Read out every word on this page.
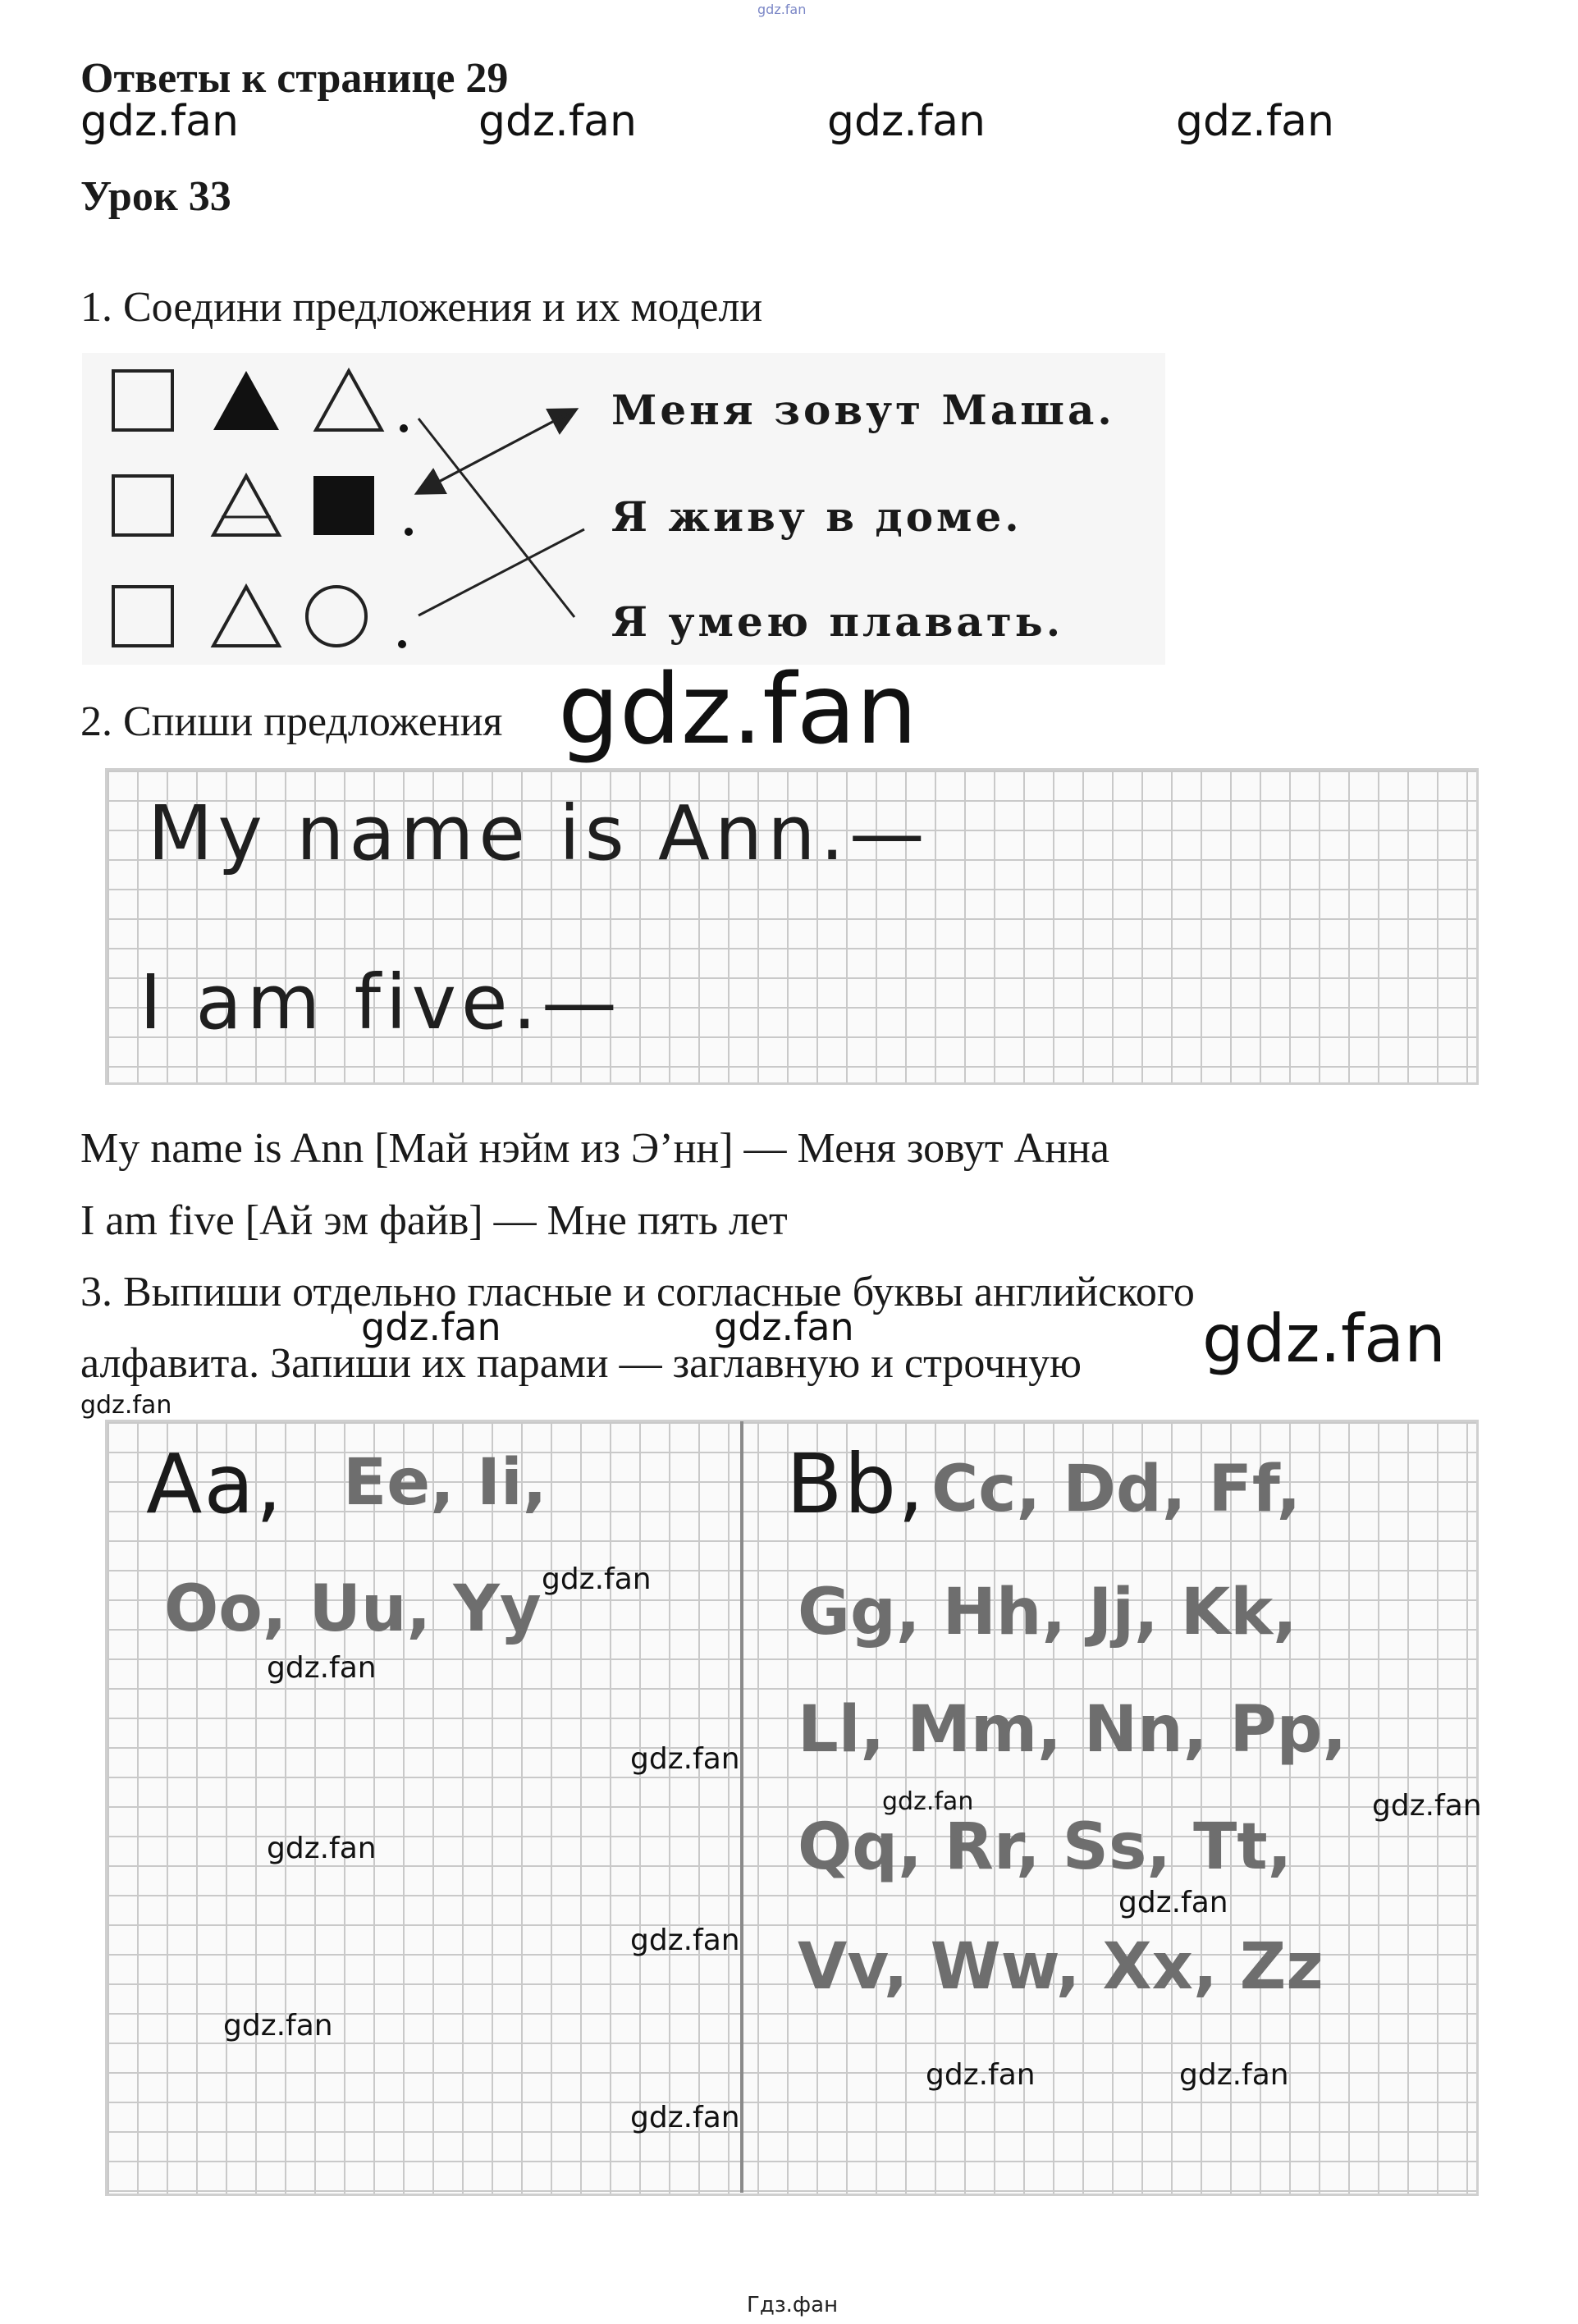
gdz.fan
Ответы к странице 29
gdz.fan	gdz.fan	gdz.fan	gdz.fan
Урок 33
1. Соедини предложения и их модели
Меня зовут Маша.
Я живу в доме.
Я умею плавать.
2. Спиши предложения gdz.fan
My name is Ann.—
I am five.—
My name is Ann [Май нэйм из Э’нн] — Меня зовут Анна
I am five [Ай эм файв] — Мне пять лет
3. Выпиши отдельно гласные и согласные буквы английского
алфавита. Запиши их парами — заглавную и строчную
gdz.fan	gdz.fan	gdz.fan
gdz.fan
Aa, Ee, Ii,
Oo, Uu, Yy
Bb, Cc, Dd, Ff,
Gg, Hh, Jj, Kk,
Ll, Mm, Nn, Pp,
Qq, Rr, Ss, Tt,
Vv, Ww, Xx, Zz
gdz.fan
gdz.fan
gdz.fan
gdz.fan
gdz.fan
gdz.fan
gdz.fan
gdz.fan	gdz.fan
gdz.fan
gdz.fan	gdz.fan
Гдз.фан
